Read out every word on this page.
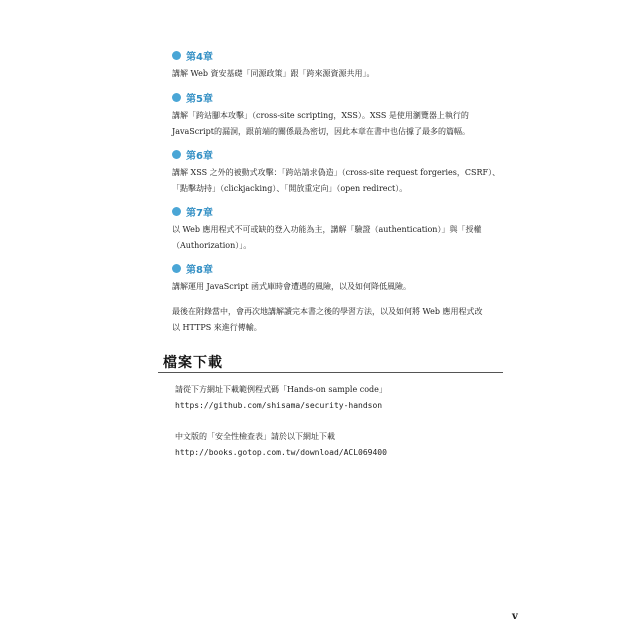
第4章

講解 Web 資安基礎「同源政策」跟「跨來源資源共用」。

第5章

講解「跨站腳本攻擊」（cross-site scripting，XSS）。XSS 是使用瀏覽器上執行的

JavaScript的漏洞，跟前端的關係最為密切，因此本章在書中也佔據了最多的篇幅。

第6章

講解 XSS 之外的被動式攻擊：「跨站請求偽造」（cross-site request forgeries，CSRF）、

「點擊劫持」（clickjacking）、「開放重定向」（open redirect）。

第7章

以 Web 應用程式不可或缺的登入功能為主，講解「驗證（authentication）」與「授權

（Authorization）」。

第8章

講解運用 JavaScript 函式庫時會遭遇的風險，以及如何降低風險。

最後在附錄當中，會再次地講解讀完本書之後的學習方法，以及如何將 Web 應用程式改

以 HTTPS 來進行傳輸。

檔案下載
請從下方網址下載範例程式碼「Hands-on sample code」
https://github.com/shisama/security-handson
中文版的「安全性檢查表」請於以下網址下載
http://books.gotop.com.tw/download/ACL069400
v
